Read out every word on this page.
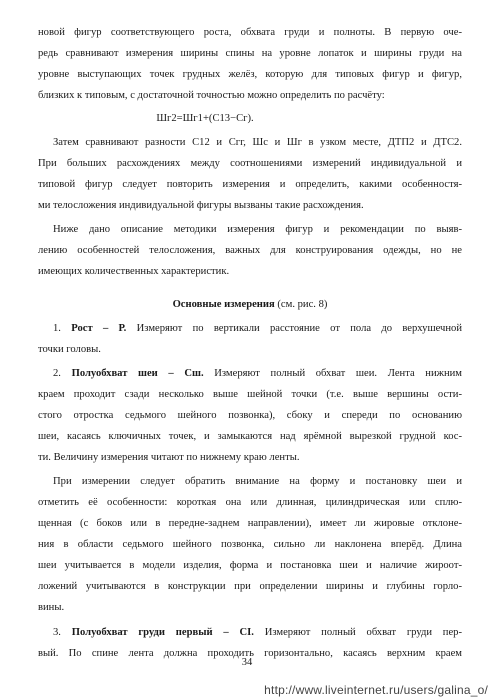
новой фигур соответствующего роста, обхвата груди и полноты. В первую оче-
редь сравнивают измерения ширины спины на уровне лопаток и ширины груди на
уровне выступающих точек грудных желёз, которую для типовых фигур и фигур,
близких к типовым, с достаточной точностью можно определить по расчёту:
Шг2=Шг1+(С13−Сг).
Затем сравнивают разности С12 и Сгг, Шс и Шг в узком месте, ДТП2 и ДТС2.
При больших расхождениях между соотношениями измерений индивидуальной и
типовой фигур следует повторить измерения и определить, какими особенностя-
ми телосложения индивидуальной фигуры вызваны такие расхождения.
Ниже дано описание методики измерения фигур и рекомендации по выяв-
лению особенностей телосложения, важных для конструирования одежды, но не
имеющих количественных характеристик.
Основные измерения (см. рис. 8)
1. Рост – Р. Измеряют по вертикали расстояние от пола до верхушечной
точки головы.
2. Полуобхват шеи – Сш. Измеряют полный обхват шеи. Лента нижним
краем проходит сзади несколько выше шейной точки (т.е. выше вершины ости-
стого отростка седьмого шейного позвонка), сбоку и спереди по основанию
шеи, касаясь ключичных точек, и замыкаются над ярёмной вырезкой грудной кос-
ти. Величину измерения читают по нижнему краю ленты.
При измерении следует обратить внимание на форму и постановку шеи и
отметить её особенности: короткая она или длинная, цилиндрическая или сплю-
щенная (с боков или в передне-заднем направлении), имеет ли жировые отклоне-
ния в области седьмого шейного позвонка, сильно ли наклонена вперёд. Длина
шеи учитывается в модели изделия, форма и постановка шеи и наличие жироот-
ложений учитываются в конструкции при определении ширины и глубины горло-
вины.
3. Полуобхват груди первый – СI. Измеряют полный обхват груди пер-
вый. По спине лента должна проходить горизонтально, касаясь верхним краем
34
http://www.liveinternet.ru/users/galina_o/
